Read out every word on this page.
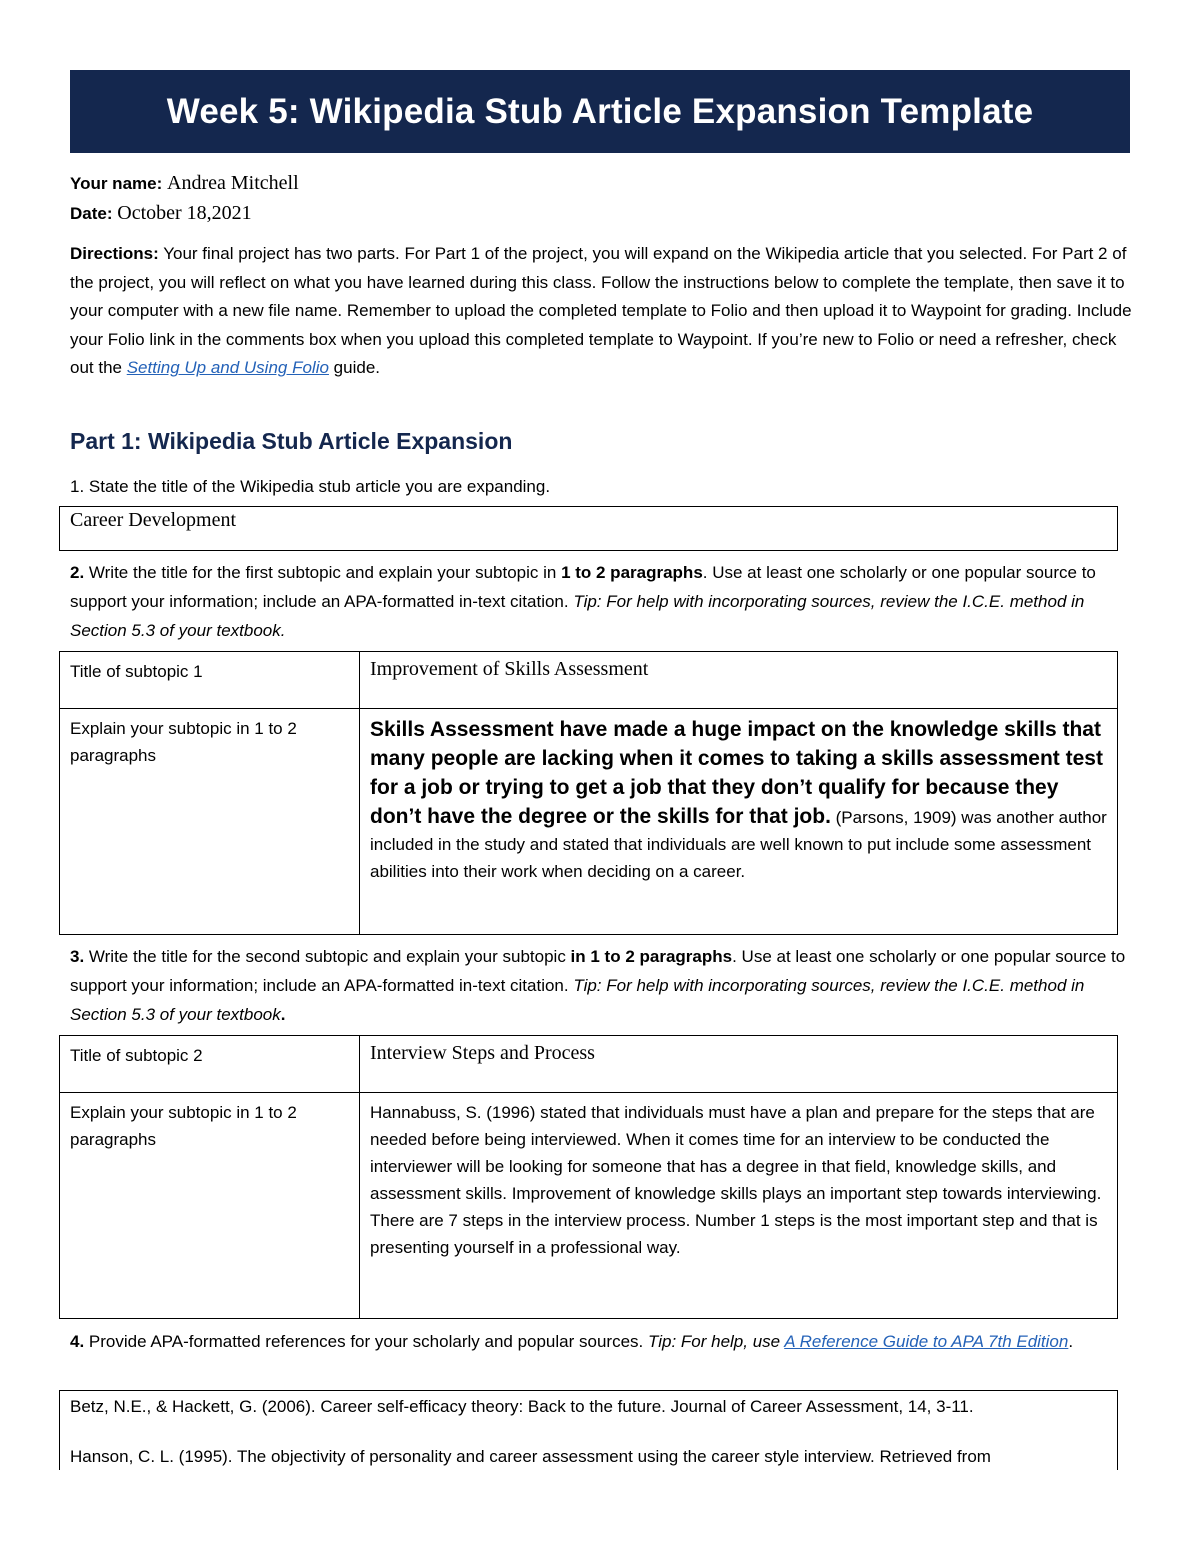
Week 5: Wikipedia Stub Article Expansion Template
Your name: Andrea Mitchell
Date: October 18,2021
Directions: Your final project has two parts. For Part 1 of the project, you will expand on the Wikipedia article that you selected. For Part 2 of the project, you will reflect on what you have learned during this class. Follow the instructions below to complete the template, then save it to your computer with a new file name. Remember to upload the completed template to Folio and then upload it to Waypoint for grading. Include your Folio link in the comments box when you upload this completed template to Waypoint. If you’re new to Folio or need a refresher, check out the Setting Up and Using Folio guide.
Part 1: Wikipedia Stub Article Expansion
1. State the title of the Wikipedia stub article you are expanding.
Career Development
2. Write the title for the first subtopic and explain your subtopic in 1 to 2 paragraphs. Use at least one scholarly or one popular source to support your information; include an APA-formatted in-text citation. Tip: For help with incorporating sources, review the I.C.E. method in Section 5.3 of your textbook.
Title of subtopic 1	Improvement of Skills Assessment
Explain your subtopic in 1 to 2 paragraphs	Skills Assessment have made a huge impact on the knowledge skills that many people are lacking when it comes to taking a skills assessment test for a job or trying to get a job that they don’t qualify for because they don’t have the degree or the skills for that job. (Parsons, 1909) was another author included in the study and stated that individuals are well known to put include some assessment abilities into their work when deciding on a career.
3. Write the title for the second subtopic and explain your subtopic in 1 to 2 paragraphs. Use at least one scholarly or one popular source to support your information; include an APA-formatted in-text citation. Tip: For help with incorporating sources, review the I.C.E. method in Section 5.3 of your textbook.
Title of subtopic 2	Interview Steps and Process
Explain your subtopic in 1 to 2 paragraphs	Hannabuss, S. (1996) stated that individuals must have a plan and prepare for the steps that are needed before being interviewed. When it comes time for an interview to be conducted the interviewer will be looking for someone that has a degree in that field, knowledge skills, and assessment skills. Improvement of knowledge skills plays an important step towards interviewing. There are 7 steps in the interview process. Number 1 steps is the most important step and that is presenting yourself in a professional way.
4. Provide APA-formatted references for your scholarly and popular sources. Tip: For help, use A Reference Guide to APA 7th Edition.
Betz, N.E., & Hackett, G. (2006). Career self-efficacy theory: Back to the future. Journal of Career Assessment, 14, 3-11.
Hanson, C. L. (1995). The objectivity of personality and career assessment using the career style interview. Retrieved from
